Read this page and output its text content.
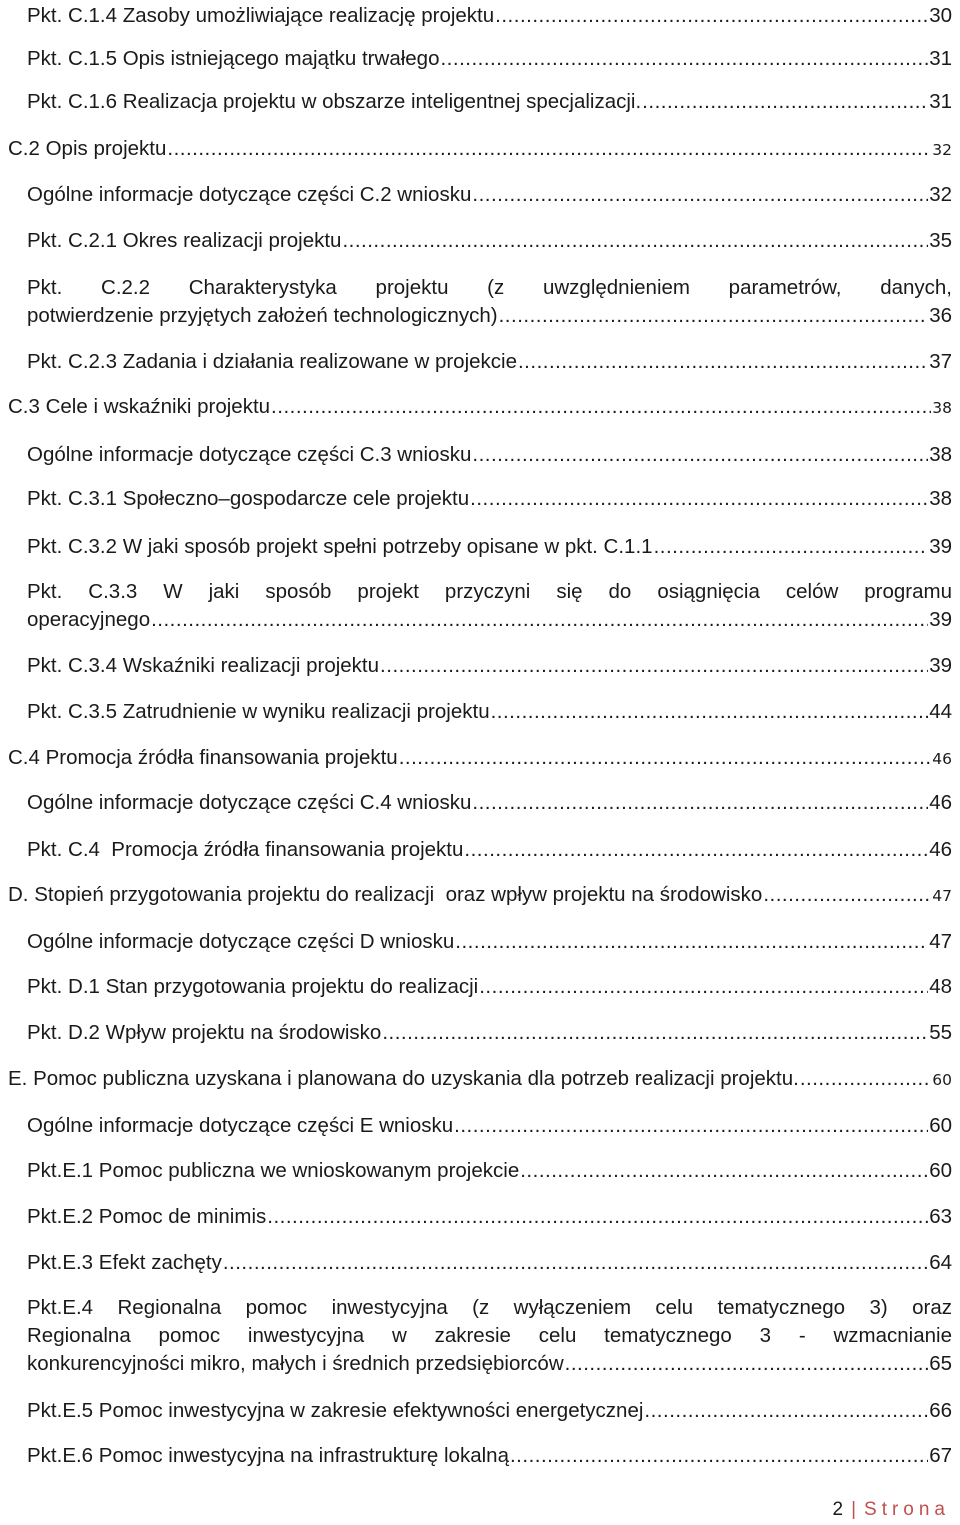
Pkt. C.1.4 Zasoby umożliwiające realizację projektu .....	30
Pkt. C.1.5 Opis istniejącego majątku trwałego .....	31
Pkt. C.1.6 Realizacja projektu w obszarze inteligentnej specjalizacji. .....	31
C.2 Opis projektu .....	32
Ogólne informacje dotyczące części C.2 wniosku .....	32
Pkt. C.2.1 Okres realizacji projektu .....	35
Pkt. C.2.2 Charakterystyka projektu (z uwzględnieniem parametrów, danych,
potwierdzenie przyjętych założeń technologicznych) .....	36
Pkt. C.2.3 Zadania i działania realizowane w projekcie .....	37
C.3 Cele i wskaźniki projektu .....	38
Ogólne informacje dotyczące części C.3 wniosku .....	38
Pkt. C.3.1 Społeczno–gospodarcze cele projektu .....	38
Pkt. C.3.2 W jaki sposób projekt spełni potrzeby opisane w pkt. C.1.1 .....	39
Pkt. C.3.3 W jaki sposób projekt przyczyni się do osiągnięcia celów programu
operacyjnego .....	39
Pkt. C.3.4 Wskaźniki realizacji projektu .....	39
Pkt. C.3.5 Zatrudnienie w wyniku realizacji projektu .....	44
C.4 Promocja źródła finansowania projektu .....	46
Ogólne informacje dotyczące części C.4 wniosku .....	46
Pkt. C.4  Promocja źródła finansowania projektu .....	46
D. Stopień przygotowania projektu do realizacji  oraz wpływ projektu na środowisko .....	47
Ogólne informacje dotyczące części D wniosku .....	47
Pkt. D.1 Stan przygotowania projektu do realizacji .....	48
Pkt. D.2 Wpływ projektu na środowisko .....	55
E. Pomoc publiczna uzyskana i planowana do uzyskania dla potrzeb realizacji projektu. .....	60
Ogólne informacje dotyczące części E wniosku .....	60
Pkt.E.1 Pomoc publiczna we wnioskowanym projekcie .....	60
Pkt.E.2 Pomoc de minimis .....	63
Pkt.E.3 Efekt zachęty .....	64
Pkt.E.4 Regionalna pomoc inwestycyjna (z wyłączeniem celu tematycznego 3) oraz
Regionalna pomoc inwestycyjna w zakresie celu tematycznego 3 - wzmacnianie
konkurencyjności mikro, małych i średnich przedsiębiorców .....	65
Pkt.E.5 Pomoc inwestycyjna w zakresie efektywności energetycznej .....	66
Pkt.E.6 Pomoc inwestycyjna na infrastrukturę lokalną .....	67
2 | Strona
